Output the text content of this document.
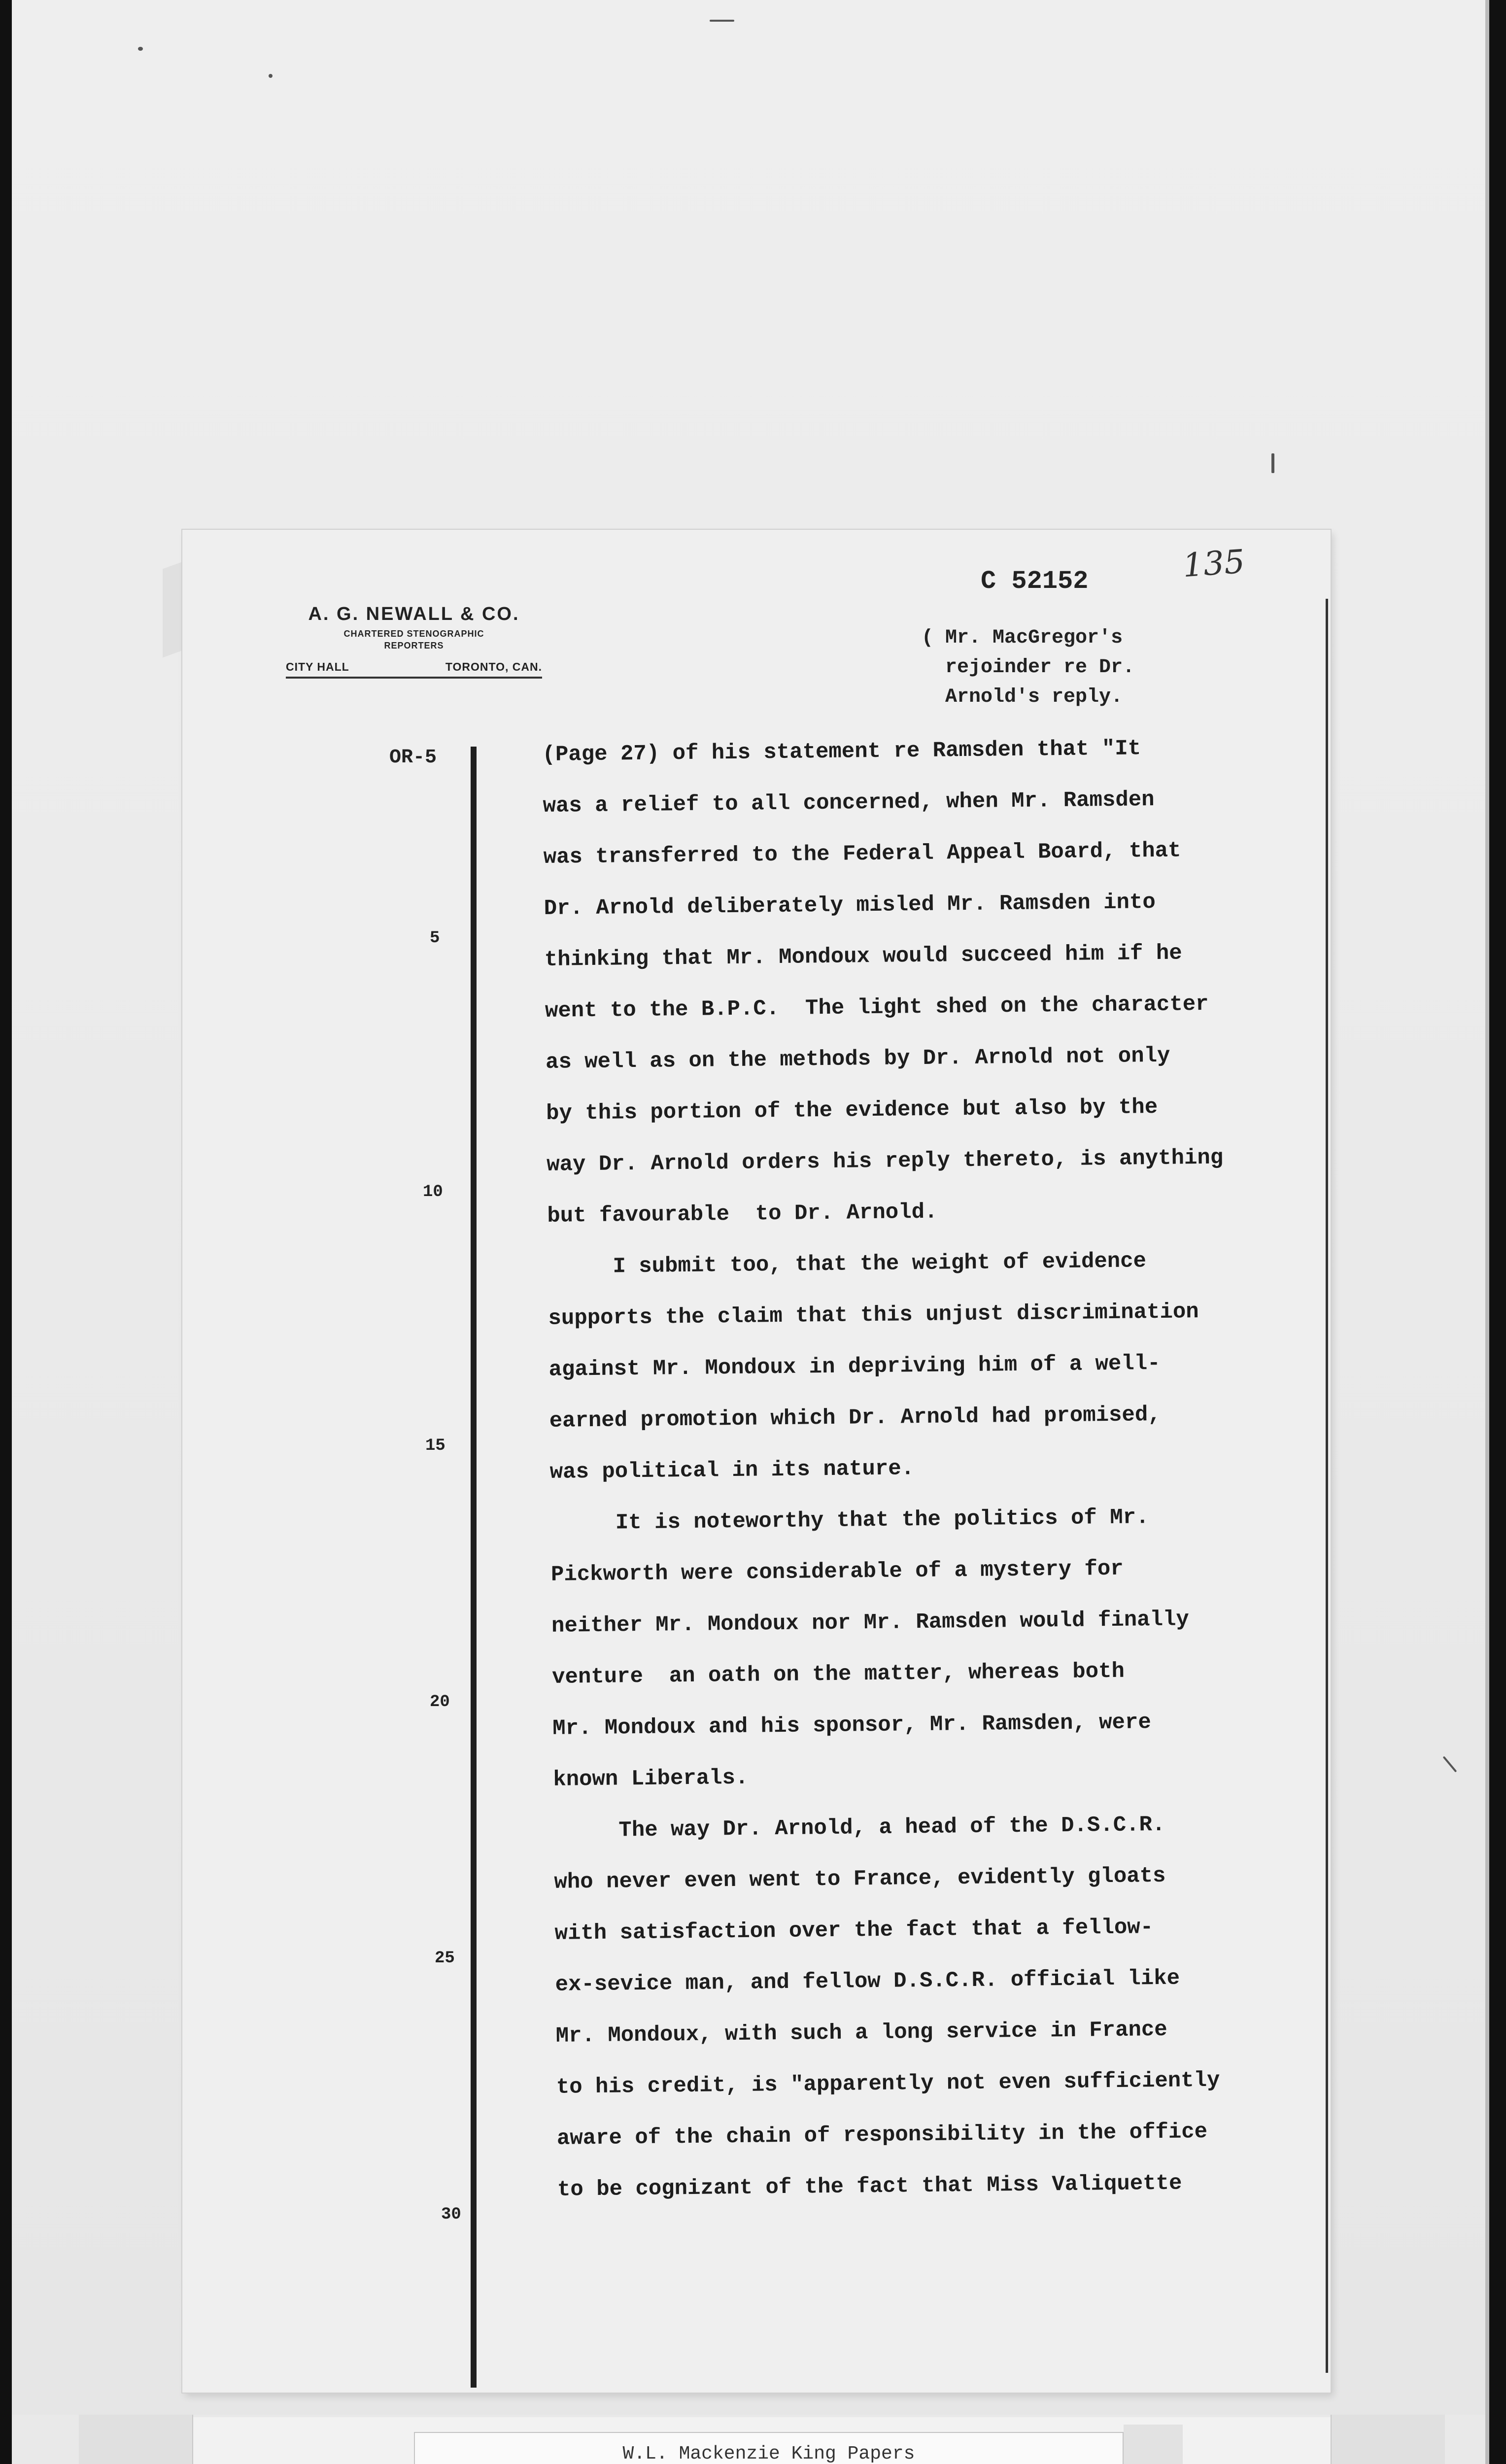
A. G. NEWALL & CO.
CHARTERED STENOGRAPHIC
REPORTERS
CITY HALL	TORONTO, CAN.
C 52152	135
( Mr. MacGregor's
rejoinder re Dr.
Arnold's reply.
OR-5
5
10
15
20
25
30
(Page 27) of his statement re Ramsden that "It
was a relief to all concerned, when Mr. Ramsden
was transferred to the Federal Appeal Board, that
Dr. Arnold deliberately misled Mr. Ramsden into
thinking that Mr. Mondoux would succeed him if he
went to the B.P.C.  The light shed on the character
as well as on the methods by Dr. Arnold not only
by this portion of the evidence but also by the
way Dr. Arnold orders his reply thereto, is anything
but favourable  to Dr. Arnold.
I submit too, that the weight of evidence
supports the claim that this unjust discrimination
against Mr. Mondoux in depriving him of a well-
earned promotion which Dr. Arnold had promised,
was political in its nature.
It is noteworthy that the politics of Mr.
Pickworth were considerable of a mystery for
neither Mr. Mondoux nor Mr. Ramsden would finally
venture  an oath on the matter, whereas both
Mr. Mondoux and his sponsor, Mr. Ramsden, were
known Liberals.
The way Dr. Arnold, a head of the D.S.C.R.
who never even went to France, evidently gloats
with satisfaction over the fact that a fellow-
ex-sevice man, and fellow D.S.C.R. official like
Mr. Mondoux, with such a long service in France
to his credit, is "apparently not even sufficiently
aware of the chain of responsibility in the office
to be cognizant of the fact that Miss Valiquette
W.L. Mackenzie King Papers
